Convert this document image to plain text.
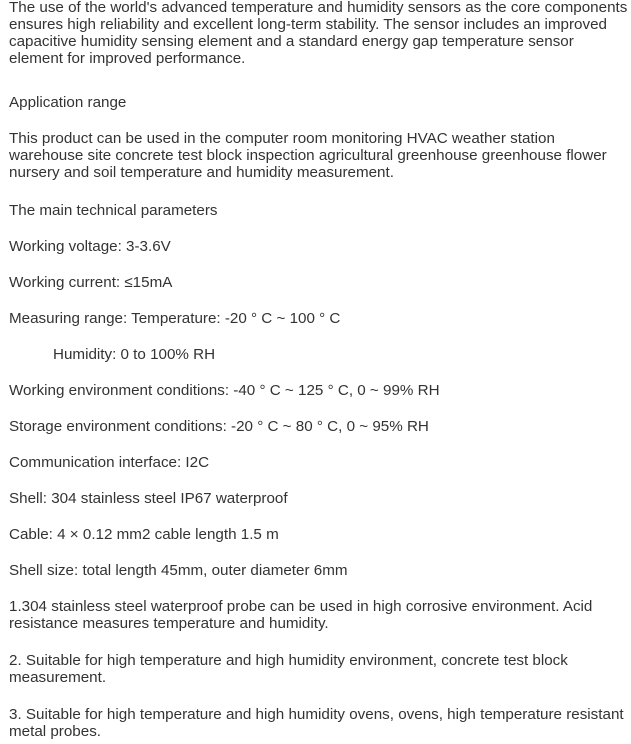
The use of the world's advanced temperature and humidity sensors as the core components ensures high reliability and excellent long-term stability. The sensor includes an improved capacitive humidity sensing element and a standard energy gap temperature sensor element for improved performance.

Application range

This product can be used in the computer room monitoring HVAC weather station warehouse site concrete test block inspection agricultural greenhouse greenhouse flower nursery and soil temperature and humidity measurement.

The main technical parameters

Working voltage: 3-3.6V

Working current: ≤15mA

Measuring range: Temperature: -20 ° C ~ 100 ° C

Humidity: 0 to 100% RH

Working environment conditions: -40 ° C ~ 125 ° C, 0 ~ 99% RH

Storage environment conditions: -20 ° C ~ 80 ° C, 0 ~ 95% RH

Communication interface: I2C

Shell: 304 stainless steel IP67 waterproof

Cable: 4 × 0.12 mm2 cable length 1.5 m

Shell size: total length 45mm, outer diameter 6mm

1.304 stainless steel waterproof probe can be used in high corrosive environment. Acid resistance measures temperature and humidity.

2. Suitable for high temperature and high humidity environment, concrete test block measurement.

3. Suitable for high temperature and high humidity ovens, ovens, high temperature resistant metal probes.
